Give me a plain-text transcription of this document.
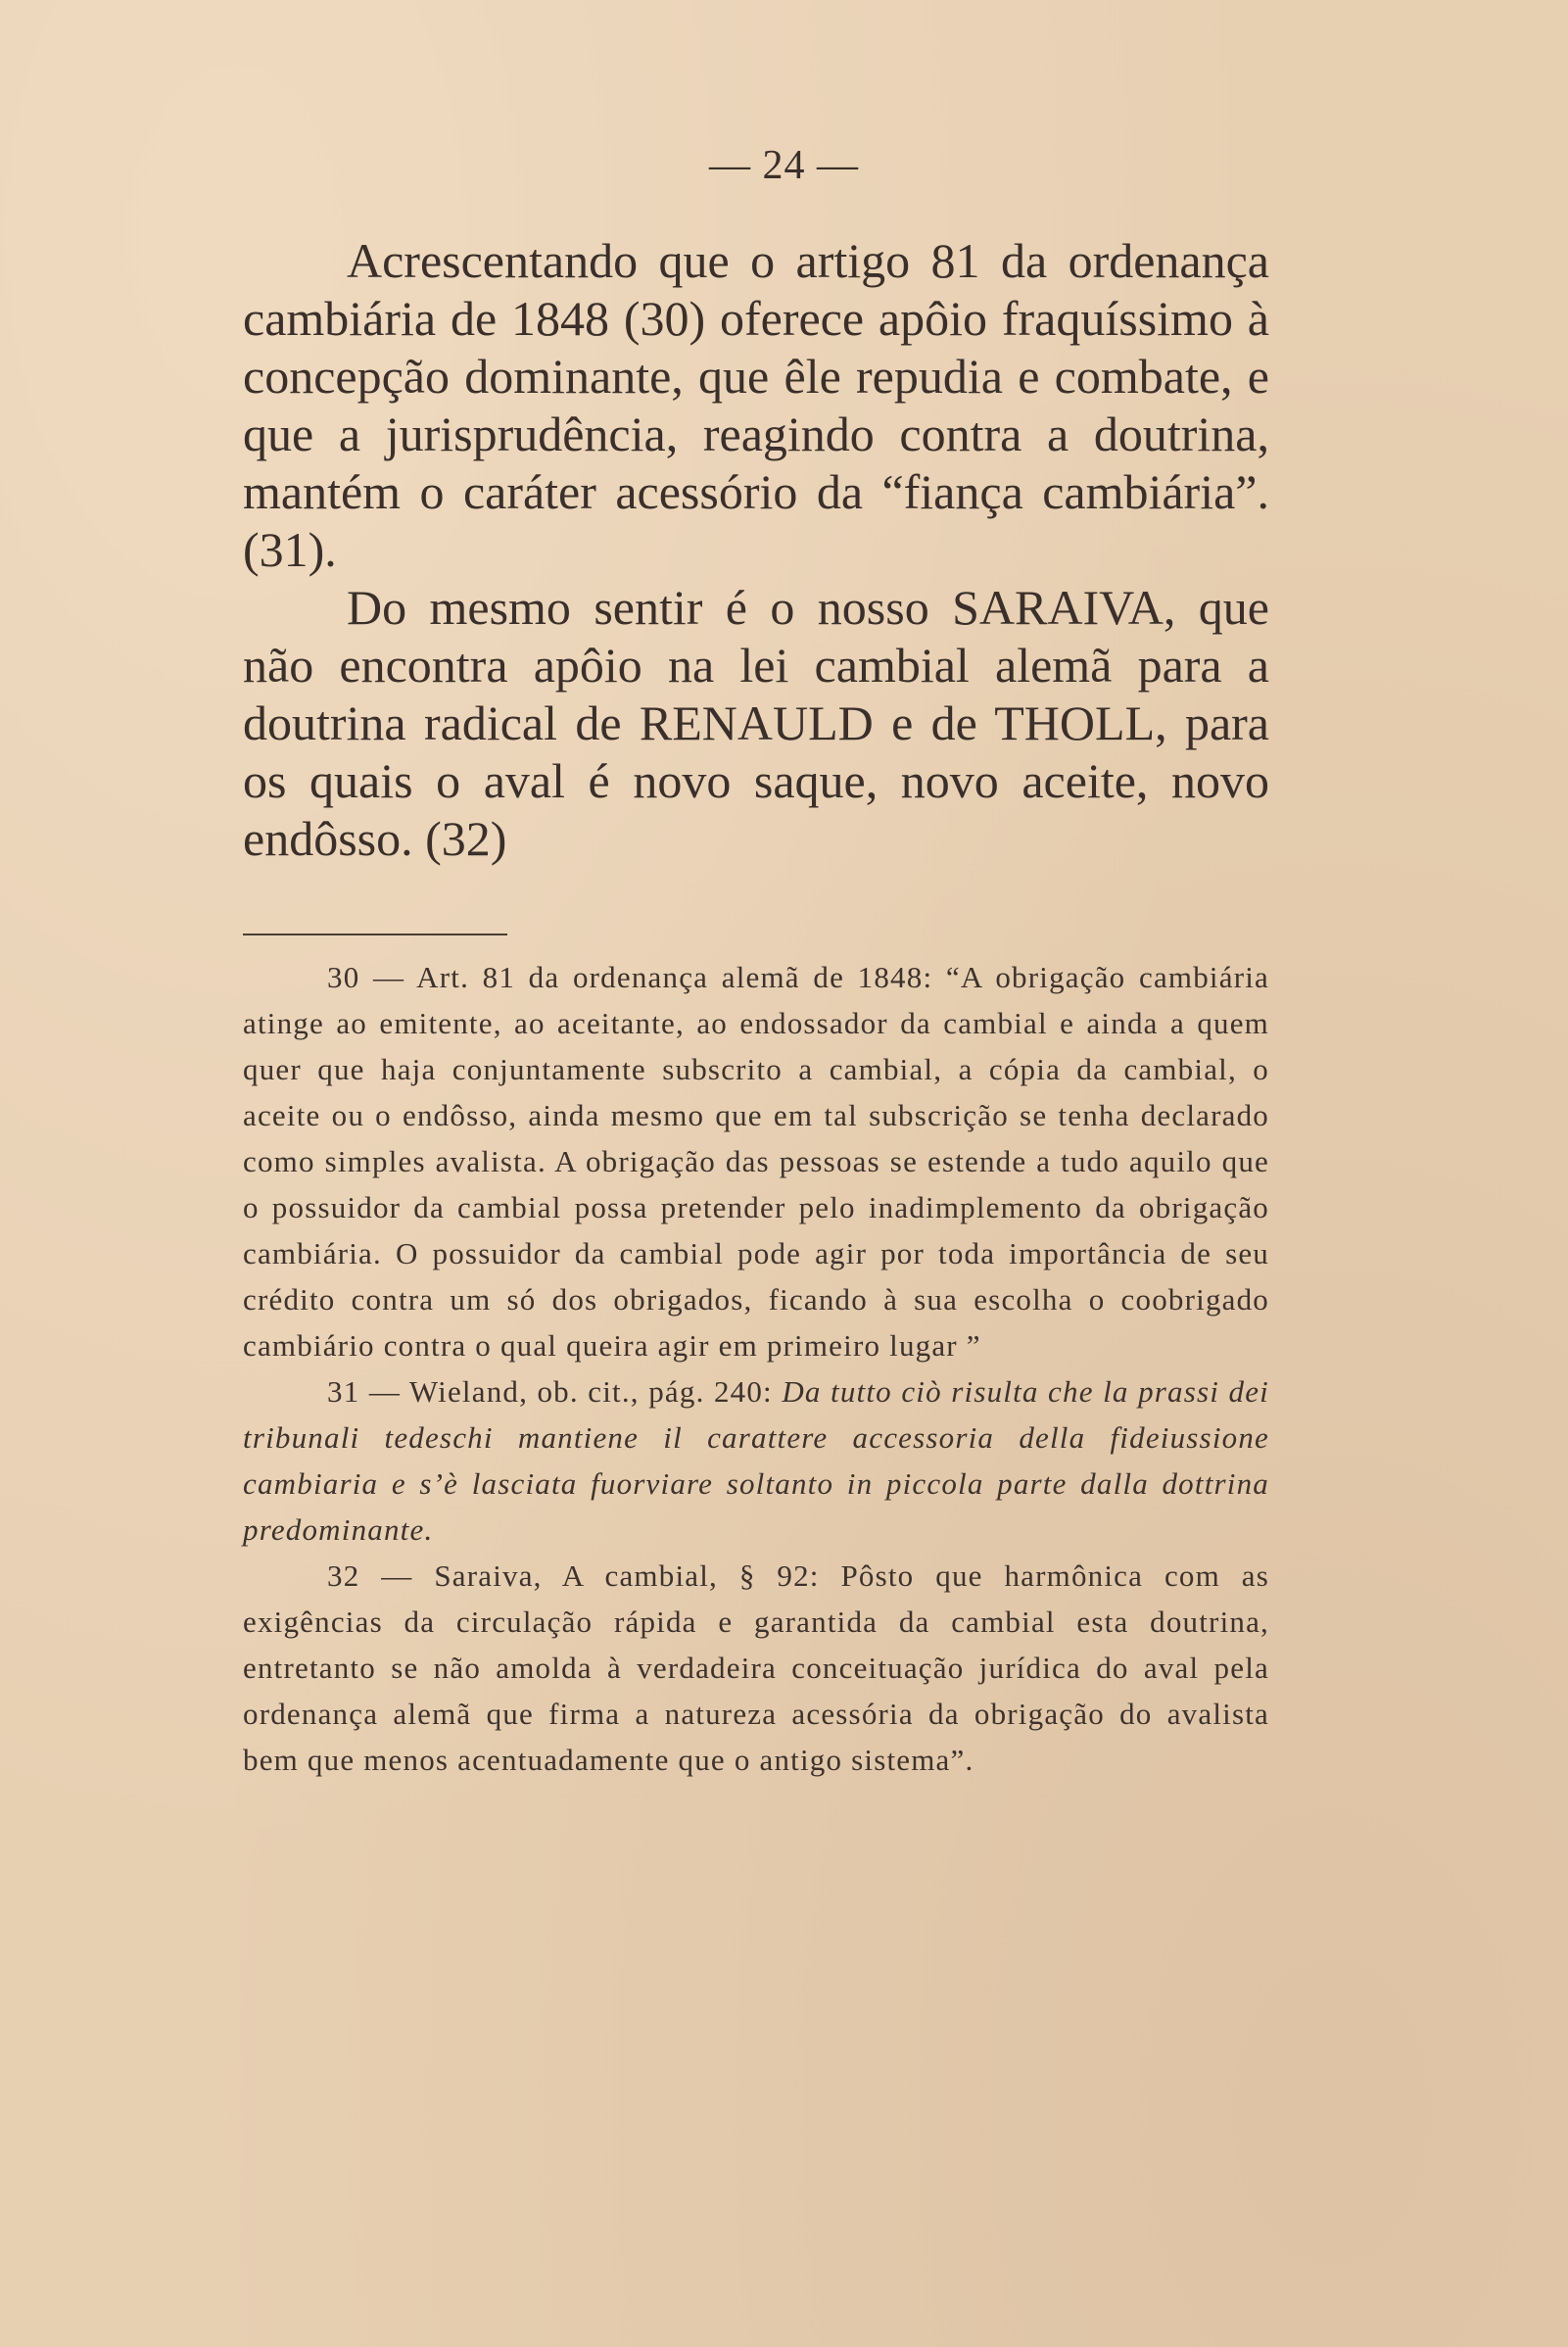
— 24 —

Acrescentando que o artigo 81 da ordenança cambiária de 1848 (30) oferece apôio fraquíssimo à concepção dominante, que êle repudia e combate, e que a jurisprudência, reagindo contra a doutrina, mantém o caráter acessório da “fiança cambiária”. (31).

Do mesmo sentir é o nosso SARAIVA, que não encontra apôio na lei cambial alemã para a doutrina radical de RENAULD e de THOLL, para os quais o aval é novo saque, novo aceite, novo endôsso. (32)

30 — Art. 81 da ordenança alemã de 1848: “A obrigação cambiária atinge ao emitente, ao aceitante, ao endossador da cambial e ainda a quem quer que haja conjuntamente subscrito a cambial, a cópia da cambial, o aceite ou o endôsso, ainda mesmo que em tal subscrição se tenha declarado como simples avalista. A obrigação das pessoas se estende a tudo aquilo que o possuidor da cambial possa pretender pelo inadimplemento da obrigação cambiária. O possuidor da cambial pode agir por toda importância de seu crédito contra um só dos obrigados, ficando à sua escolha o coobrigado cambiário contra o qual queira agir em primeiro lugar ”

31 — Wieland, ob. cit., pág. 240: Da tutto ciò risulta che la prassi dei tribunali tedeschi mantiene il carattere accessoria della fideiussione cambiaria e s’è lasciata fuorviare soltanto in piccola parte dalla dottrina predominante.

32 — Saraiva, A cambial, § 92: Pôsto que harmônica com as exigências da circulação rápida e garantida da cambial esta doutrina, entretanto se não amolda à verdadeira conceituação jurídica do aval pela ordenança alemã que firma a natureza acessória da obrigação do avalista bem que menos acentuadamente que o antigo sistema”.
